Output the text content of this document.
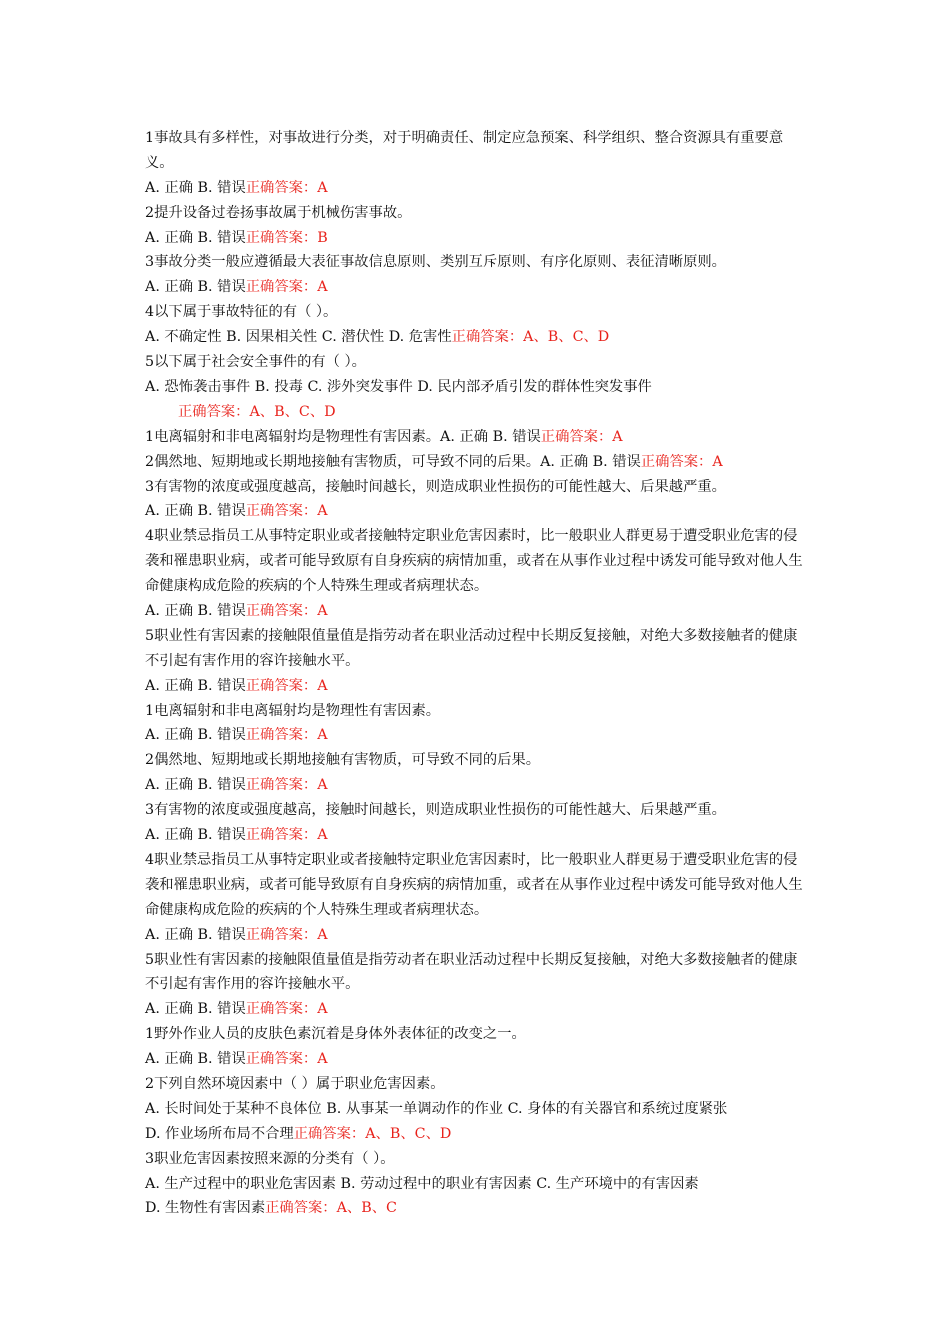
1事故具有多样性，对事故进行分类，对于明确责任、制定应急预案、科学组织、整合资源具有重要意义。
A. 正确 B. 错误正确答案：A
2提升设备过卷扬事故属于机械伤害事故。
A. 正确 B. 错误正确答案：B
3事故分类一般应遵循最大表征事故信息原则、类别互斥原则、有序化原则、表征清晰原则。
A. 正确 B. 错误正确答案：A
4以下属于事故特征的有（ ）。
A. 不确定性 B. 因果相关性 C. 潜伏性 D. 危害性正确答案：A、B、C、D
5以下属于社会安全事件的有（ ）。
A. 恐怖袭击事件 B. 投毒 C. 涉外突发事件 D. 民内部矛盾引发的群体性突发事件
正确答案：A、B、C、D
1电离辐射和非电离辐射均是物理性有害因素。A. 正确 B. 错误正确答案：A
2偶然地、短期地或长期地接触有害物质，可导致不同的后果。A. 正确 B. 错误正确答案：A
3有害物的浓度或强度越高，接触时间越长，则造成职业性损伤的可能性越大、后果越严重。
A. 正确 B. 错误正确答案：A
4职业禁忌指员工从事特定职业或者接触特定职业危害因素时，比一般职业人群更易于遭受职业危害的侵袭和罹患职业病，或者可能导致原有自身疾病的病情加重，或者在从事作业过程中诱发可能导致对他人生命健康构成危险的疾病的个人特殊生理或者病理状态。
A. 正确 B. 错误正确答案：A
5职业性有害因素的接触限值量值是指劳动者在职业活动过程中长期反复接触，对绝大多数接触者的健康不引起有害作用的容许接触水平。
A. 正确 B. 错误正确答案：A
1电离辐射和非电离辐射均是物理性有害因素。
A. 正确 B. 错误正确答案：A
2偶然地、短期地或长期地接触有害物质，可导致不同的后果。
A. 正确 B. 错误正确答案：A
3有害物的浓度或强度越高，接触时间越长，则造成职业性损伤的可能性越大、后果越严重。
A. 正确 B. 错误正确答案：A
4职业禁忌指员工从事特定职业或者接触特定职业危害因素时，比一般职业人群更易于遭受职业危害的侵袭和罹患职业病，或者可能导致原有自身疾病的病情加重，或者在从事作业过程中诱发可能导致对他人生命健康构成危险的疾病的个人特殊生理或者病理状态。
A. 正确 B. 错误正确答案：A
5职业性有害因素的接触限值量值是指劳动者在职业活动过程中长期反复接触，对绝大多数接触者的健康不引起有害作用的容许接触水平。
A. 正确 B. 错误正确答案：A
1野外作业人员的皮肤色素沉着是身体外表体征的改变之一。
A. 正确 B. 错误正确答案：A
2下列自然环境因素中（ ）属于职业危害因素。
A. 长时间处于某种不良体位 B. 从事某一单调动作的作业 C. 身体的有关器官和系统过度紧张
D. 作业场所布局不合理正确答案：A、B、C、D
3职业危害因素按照来源的分类有（ ）。
A. 生产过程中的职业危害因素 B. 劳动过程中的职业有害因素 C. 生产环境中的有害因素
D. 生物性有害因素正确答案：A、B、C
